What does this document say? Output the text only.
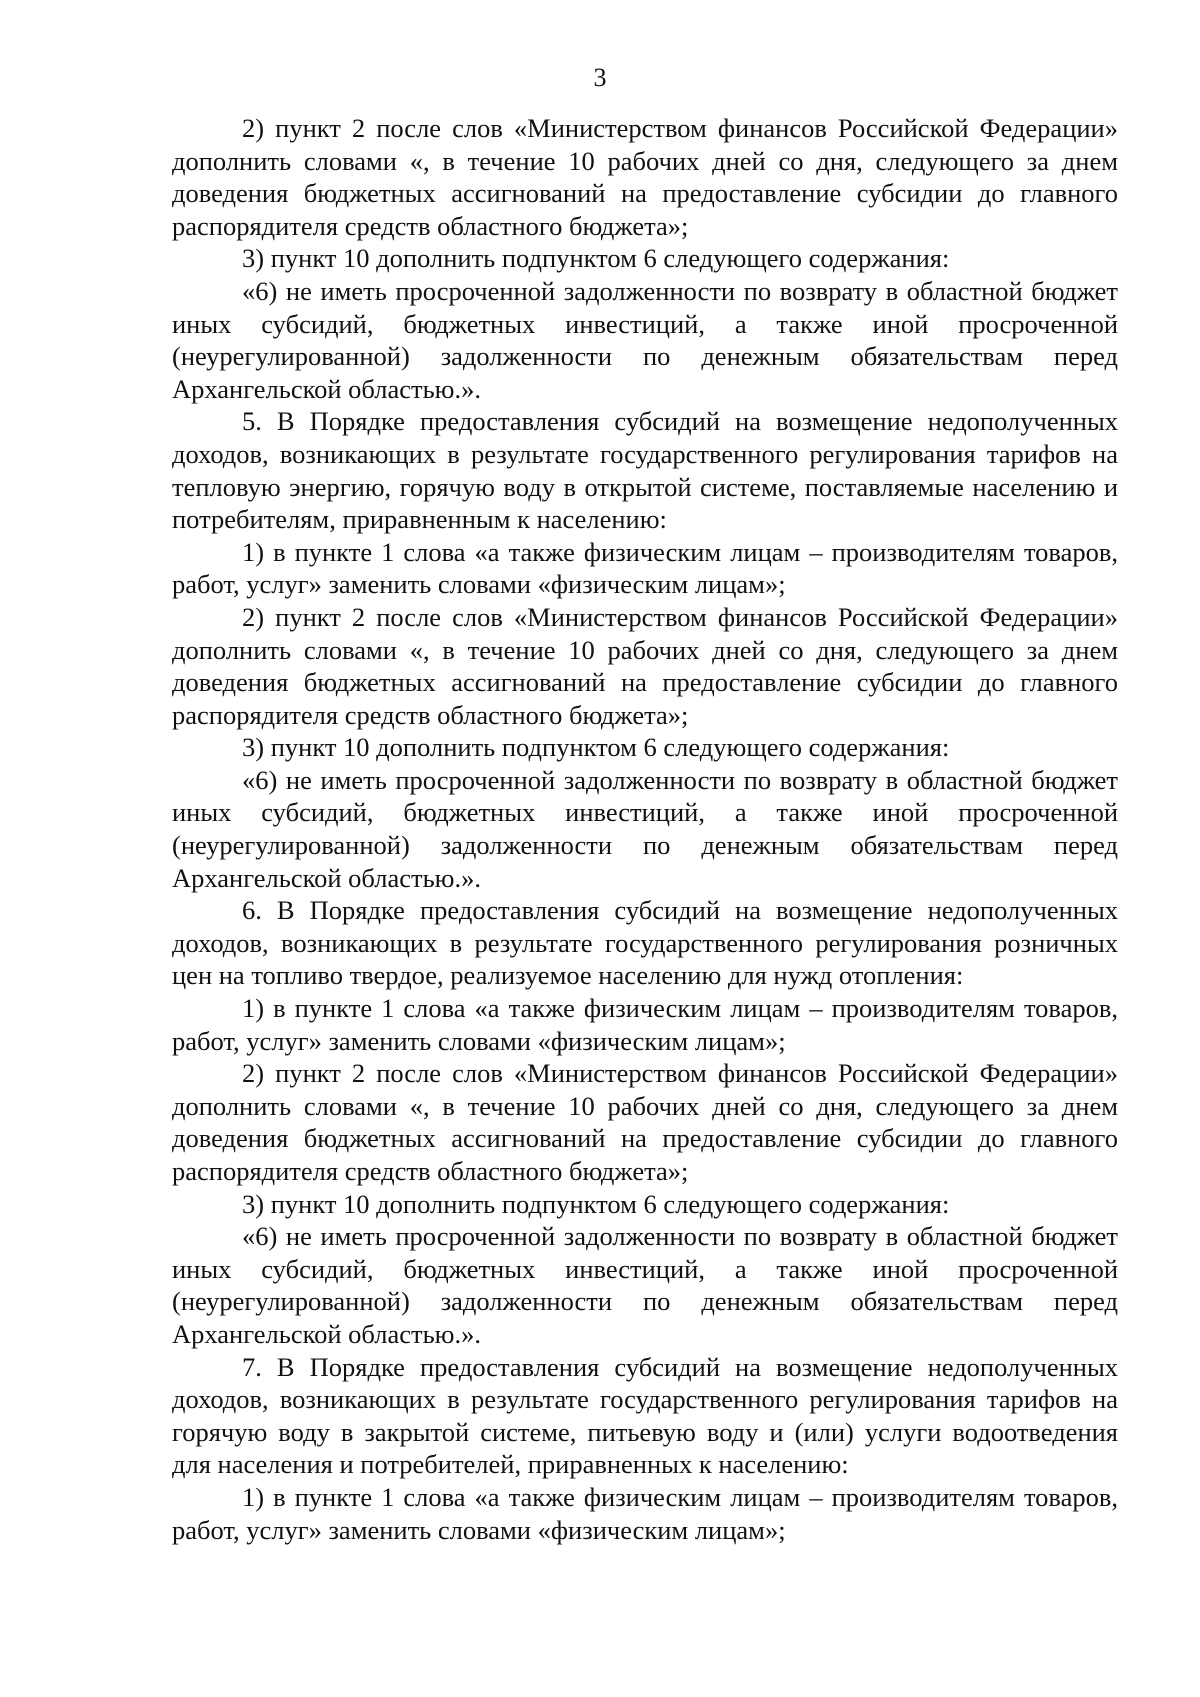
3

2) пункт 2 после слов «Министерством финансов Российской Федерации» дополнить словами «, в течение 10 рабочих дней со дня, следующего за днем доведения бюджетных ассигнований на предоставление субсидии до главного распорядителя средств областного бюджета»;

3) пункт 10 дополнить подпунктом 6 следующего содержания:

«6) не иметь просроченной задолженности по возврату в областной бюджет иных субсидий, бюджетных инвестиций, а также иной просроченной (неурегулированной) задолженности по денежным обязательствам перед Архангельской областью.».

5. В Порядке предоставления субсидий на возмещение недополученных доходов, возникающих в результате государственного регулирования тарифов на тепловую энергию, горячую воду в открытой системе, поставляемые населению и потребителям, приравненным к населению:

1) в пункте 1 слова «а также физическим лицам – производителям товаров, работ, услуг» заменить словами «физическим лицам»;

2) пункт 2 после слов «Министерством финансов Российской Федерации» дополнить словами «, в течение 10 рабочих дней со дня, следующего за днем доведения бюджетных ассигнований на предоставление субсидии до главного распорядителя средств областного бюджета»;

3) пункт 10 дополнить подпунктом 6 следующего содержания:

«6) не иметь просроченной задолженности по возврату в областной бюджет иных субсидий, бюджетных инвестиций, а также иной просроченной (неурегулированной) задолженности по денежным обязательствам перед Архангельской областью.».

6. В Порядке предоставления субсидий на возмещение недополученных доходов, возникающих в результате государственного регулирования розничных цен на топливо твердое, реализуемое населению для нужд отопления:

1) в пункте 1 слова «а также физическим лицам – производителям товаров, работ, услуг» заменить словами «физическим лицам»;

2) пункт 2 после слов «Министерством финансов Российской Федерации» дополнить словами «, в течение 10 рабочих дней со дня, следующего за днем доведения бюджетных ассигнований на предоставление субсидии до главного распорядителя средств областного бюджета»;

3) пункт 10 дополнить подпунктом 6 следующего содержания:

«6) не иметь просроченной задолженности по возврату в областной бюджет иных субсидий, бюджетных инвестиций, а также иной просроченной (неурегулированной) задолженности по денежным обязательствам перед Архангельской областью.».

7. В Порядке предоставления субсидий на возмещение недополученных доходов, возникающих в результате государственного регулирования тарифов на горячую воду в закрытой системе, питьевую воду и (или) услуги водоотведения для населения и потребителей, приравненных к населению:

1) в пункте 1 слова «а также физическим лицам – производителям товаров, работ, услуг» заменить словами «физическим лицам»;
